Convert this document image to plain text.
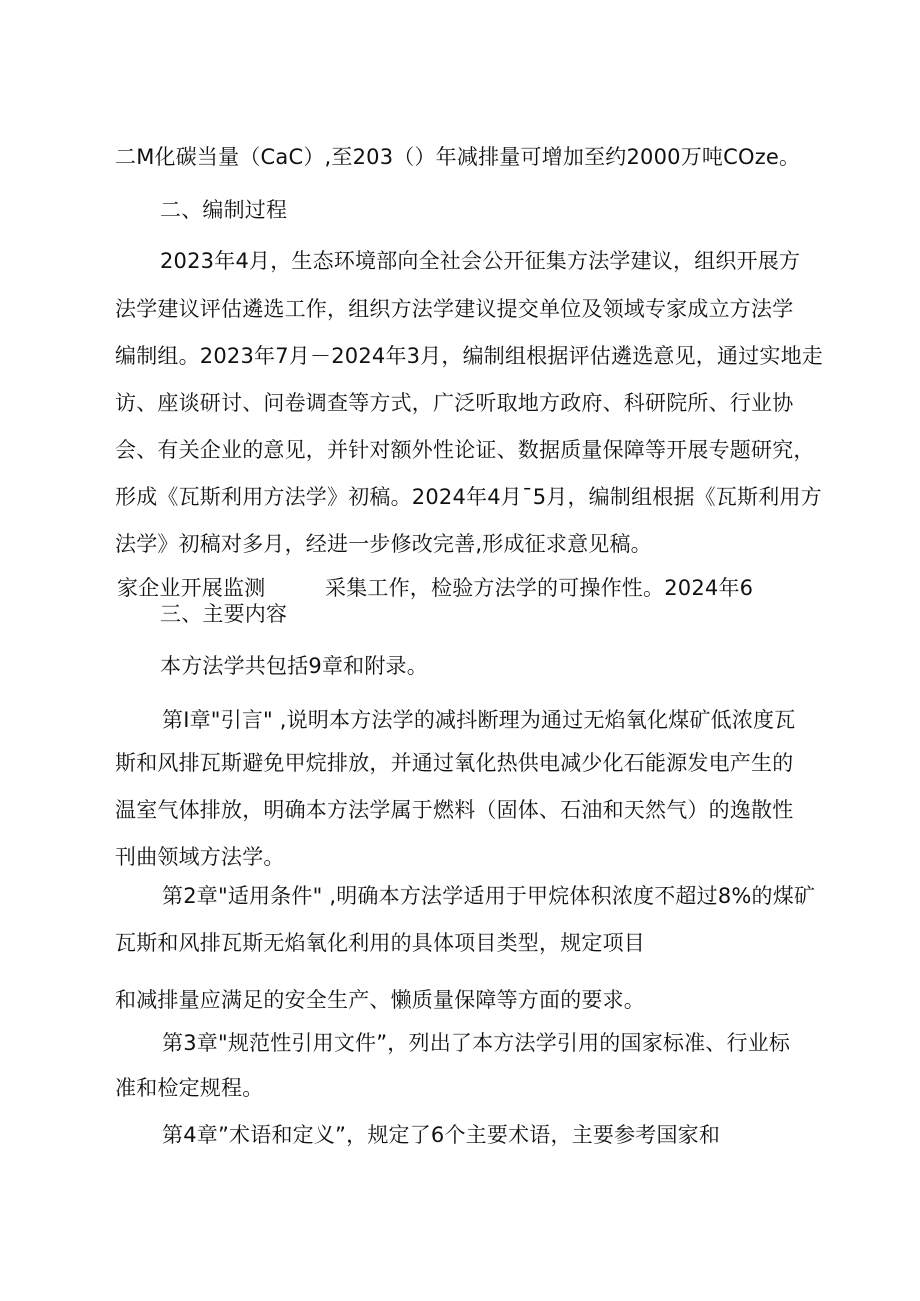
二M化碳当量（CaC）,至203（）年减排量可增加至约2000万吨COze。
二、编制过程
2023年4月，生态环境部向全社会公开征集方法学建议，组织开展方
法学建议评估遴选工作，组织方法学建议提交单位及领域专家成立方法学
编制组。2023年7月－2024年3月，编制组根据评估遴选意见，通过实地走
访、座谈研讨、问卷调查等方式，广泛听取地方政府、科研院所、行业协
会、有关企业的意见，并针对额外性论证、数据质量保障等开展专题研究，
形成《瓦斯利用方法学》初稿。2024年4月¯5月，编制组根据《瓦斯利用方
法学》初稿对多月，经进一步修改完善,形成征求意见稿。
家企业开展监测	采集工作，检验方法学的可操作性。2024年6
三、主要内容
本方法学共包括9章和附录。
第I章"引言" ,说明本方法学的减抖断理为通过无焰氧化煤矿低浓度瓦
斯和风排瓦斯避免甲烷排放，并通过氧化热供电减少化石能源发电产生的
温室气体排放，明确本方法学属于燃料（固体、石油和天然气）的逸散性
刊曲领域方法学。
第2章"适用条件" ,明确本方法学适用于甲烷体积浓度不超过8%的煤矿
瓦斯和风排瓦斯无焰氧化利用的具体项目类型，规定项目
和减排量应满足的安全生产、懒质量保障等方面的要求。
第3章"规范性引用文件”，列出了本方法学引用的国家标准、行业标
准和检定规程。
第4章”术语和定义”，规定了6个主要术语，主要参考国家和
